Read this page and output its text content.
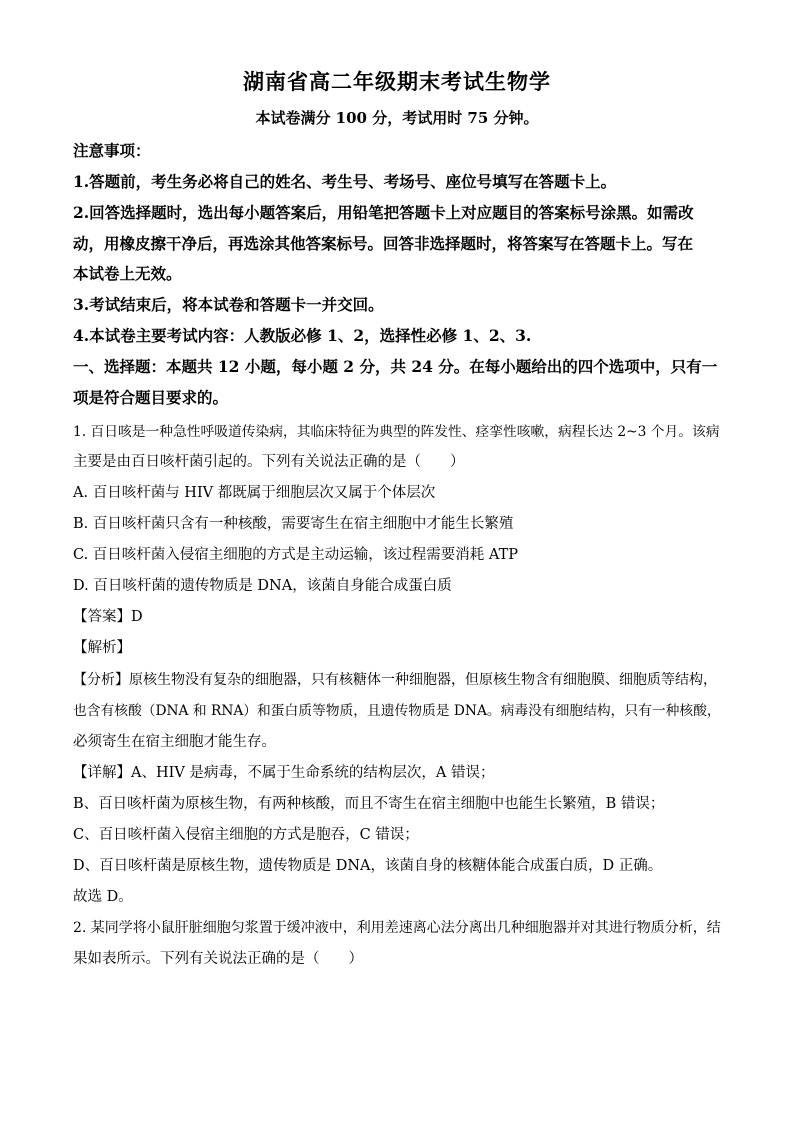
湖南省高二年级期末考试生物学
本试卷满分 100 分，考试用时 75 分钟。
注意事项：
1.答题前，考生务必将自己的姓名、考生号、考场号、座位号填写在答题卡上。
2.回答选择题时，选出每小题答案后，用铅笔把答题卡上对应题目的答案标号涂黑。如需改
动，用橡皮擦干净后，再选涂其他答案标号。回答非选择题时，将答案写在答题卡上。写在
本试卷上无效。
3.考试结束后，将本试卷和答题卡一并交回。
4.本试卷主要考试内容：人教版必修 1、2，选择性必修 1、2、3.
一、选择题：本题共 12 小题，每小题 2 分，共 24 分。在每小题给出的四个选项中，只有一
项是符合题目要求的。
1. 百日咳是一种急性呼吸道传染病，其临床特征为典型的阵发性、痉挛性咳嗽，病程长达 2~3 个月。该病
主要是由百日咳杆菌引起的。下列有关说法正确的是（　　）
A. 百日咳杆菌与 HIV 都既属于细胞层次又属于个体层次
B. 百日咳杆菌只含有一种核酸，需要寄生在宿主细胞中才能生长繁殖
C. 百日咳杆菌入侵宿主细胞的方式是主动运输，该过程需要消耗 ATP
D. 百日咳杆菌的遗传物质是 DNA，该菌自身能合成蛋白质
【答案】D
【解析】
【分析】原核生物没有复杂的细胞器，只有核糖体一种细胞器，但原核生物含有细胞膜、细胞质等结构，
也含有核酸（DNA 和 RNA）和蛋白质等物质，且遗传物质是 DNA。病毒没有细胞结构，只有一种核酸，
必须寄生在宿主细胞才能生存。
【详解】A、HIV 是病毒，不属于生命系统的结构层次，A 错误；
B、百日咳杆菌为原核生物，有两种核酸，而且不寄生在宿主细胞中也能生长繁殖，B 错误；
C、百日咳杆菌入侵宿主细胞的方式是胞吞，C 错误；
D、百日咳杆菌是原核生物，遗传物质是 DNA，该菌自身的核糖体能合成蛋白质，D 正确。
故选 D。
2. 某同学将小鼠肝脏细胞匀浆置于缓冲液中，利用差速离心法分离出几种细胞器并对其进行物质分析，结
果如表所示。下列有关说法正确的是（　　）
